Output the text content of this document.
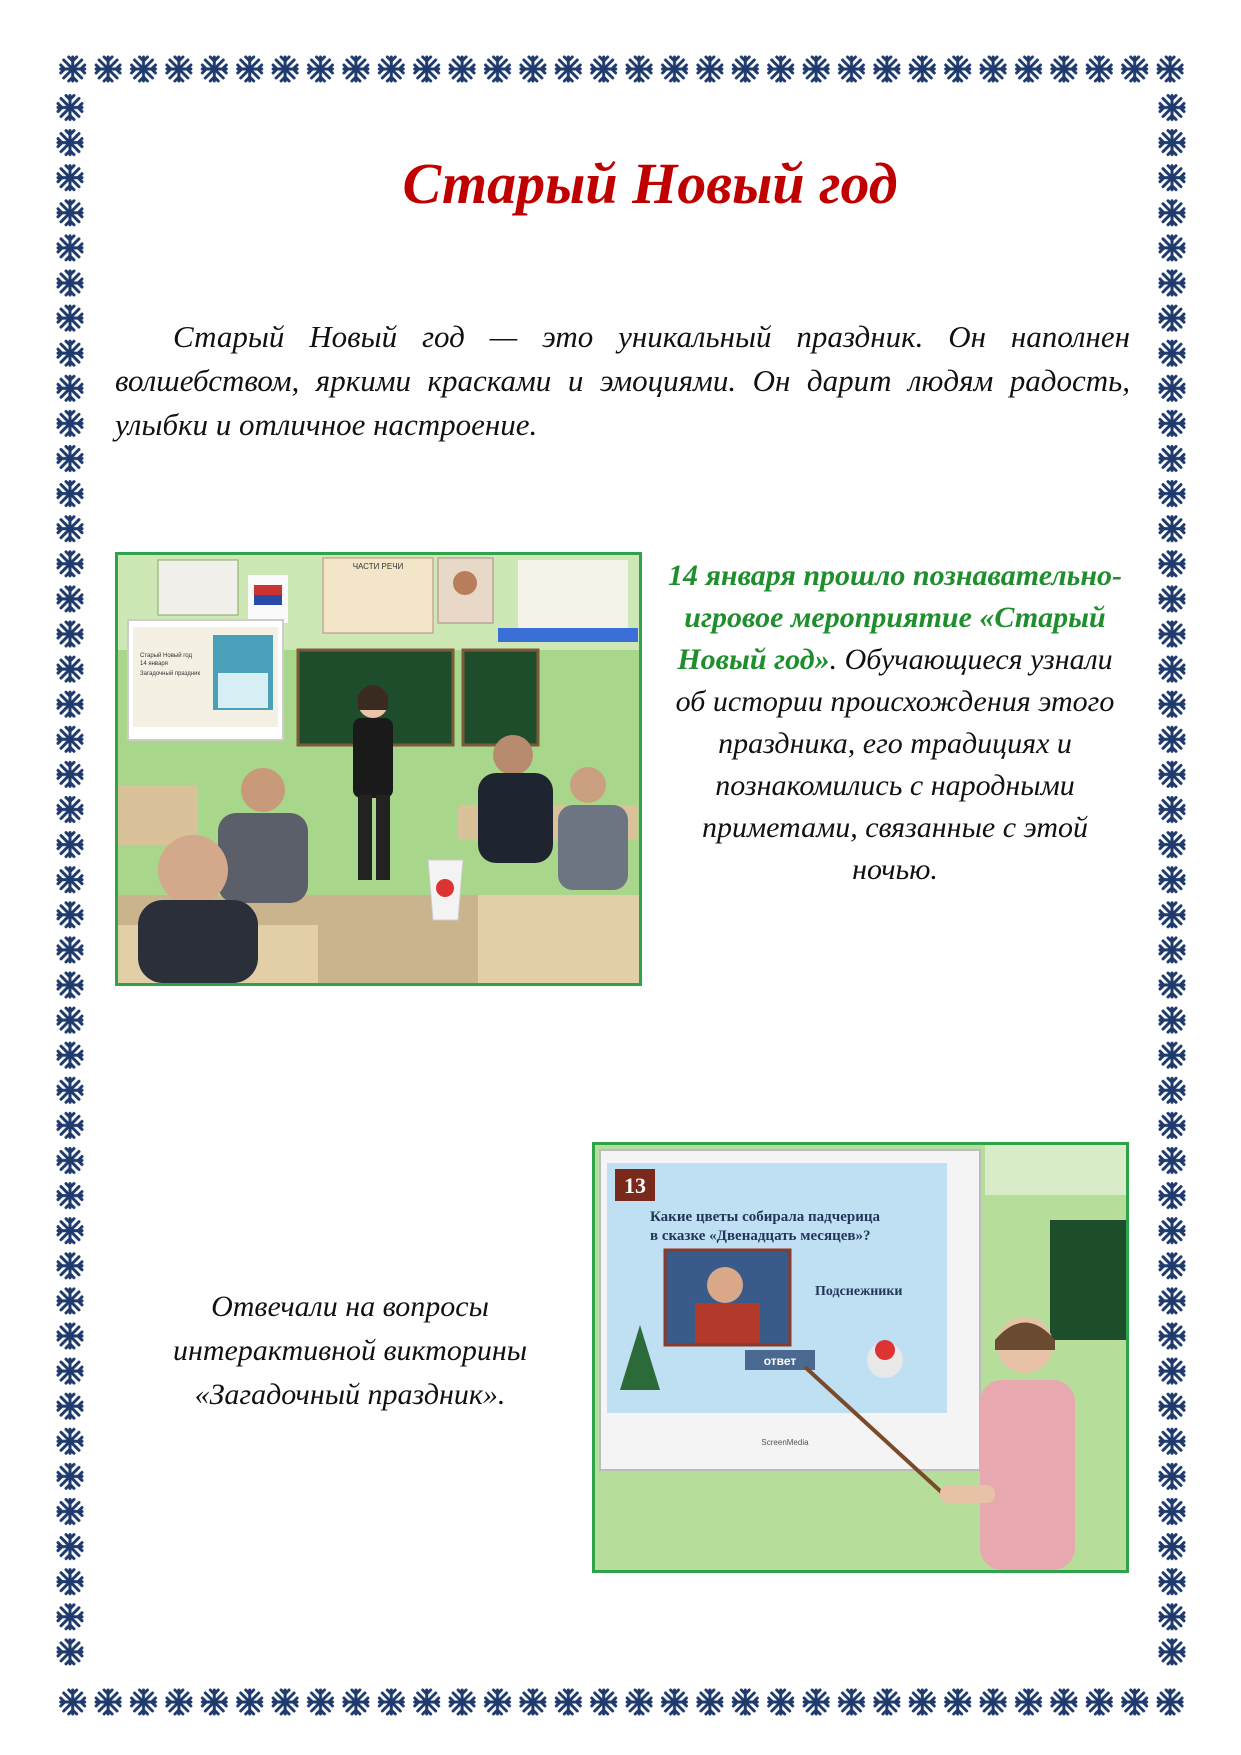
Старый Новый год

Старый Новый год — это уникальный праздник. Он наполнен волшебством, яркими красками и эмоциями. Он дарит людям радость, улыбки и отличное настроение.

ЧАСТИ РЕЧИ
Старый Новый год
14 января
Загадочный праздник

14 января прошло познавательно-игровое мероприятие «Старый Новый год». Обучающиеся узнали об истории происхождения этого праздника, его традициях и познакомились с народными приметами, связанные с этой ночью.

13
Какие цветы собирала падчерица
в сказке «Двенадцать месяцев»?
Подснежники
ответ
ScreenMedia

Отвечали на вопросы интерактивной викторины «Загадочный праздник».
